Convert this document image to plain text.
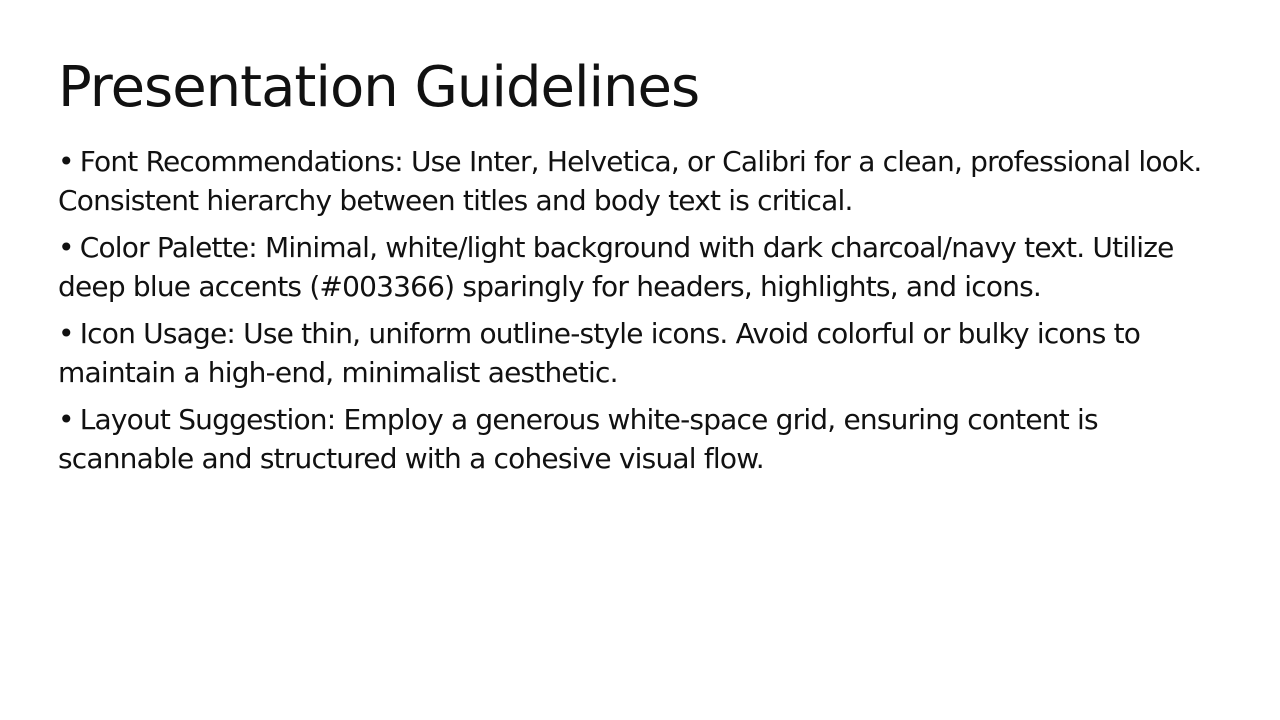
Presentation Guidelines
• Font Recommendations: Use Inter, Helvetica, or Calibri for a clean, professional look. Consistent hierarchy between titles and body text is critical.
• Color Palette: Minimal, white/light background with dark charcoal/navy text. Utilize deep blue accents (#003366) sparingly for headers, highlights, and icons.
• Icon Usage: Use thin, uniform outline-style icons. Avoid colorful or bulky icons to maintain a high-end, minimalist aesthetic.
• Layout Suggestion: Employ a generous white-space grid, ensuring content is scannable and structured with a cohesive visual flow.
